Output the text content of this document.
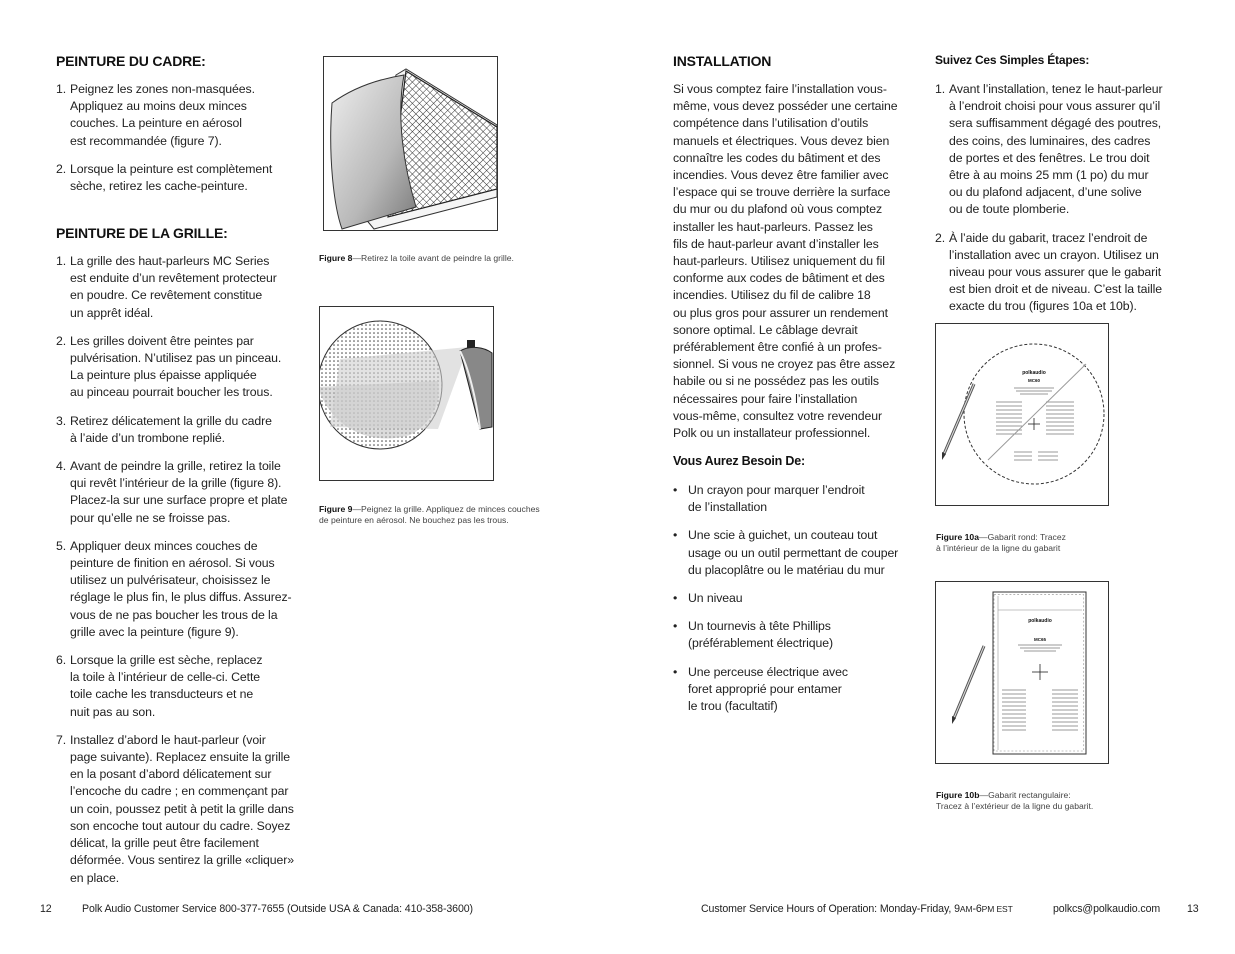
PEINTURE DU CADRE:
1. Peignez les zones non-masquées.
Appliquez au moins deux minces
couches. La peinture en aérosol
est recommandée (figure 7).
2. Lorsque la peinture est complètement
sèche, retirez les cache-peinture.
PEINTURE DE LA GRILLE:
1. La grille des haut-parleurs MC Series
est enduite d’un revêtement protecteur
en poudre. Ce revêtement constitue
un apprêt idéal.
2. Les grilles doivent être peintes par
pulvérisation. N’utilisez pas un pinceau.
La peinture plus épaisse appliquée
au pinceau pourrait boucher les trous.
3. Retirez délicatement la grille du cadre
à l’aide d’un trombone replié.
4. Avant de peindre la grille, retirez la toile
qui revêt l’intérieur de la grille (figure 8).
Placez-la sur une surface propre et plate
pour qu’elle ne se froisse pas.
5. Appliquer deux minces couches de
peinture de finition en aérosol. Si vous
utilisez un pulvérisateur, choisissez le
réglage le plus fin, le plus diffus. Assurez-
vous de ne pas boucher les trous de la
grille avec la peinture (figure 9).
6. Lorsque la grille est sèche, replacez
la toile à l’intérieur de celle-ci. Cette
toile cache les transducteurs et ne
nuit pas au son.
7. Installez d’abord le haut-parleur (voir
page suivante). Replacez ensuite la grille
en la posant d’abord délicatement sur
l’encoche du cadre ; en commençant par
un coin, poussez petit à petit la grille dans
son encoche tout autour du cadre. Soyez
délicat, la grille peut être facilement
déformée. Vous sentirez la grille «cliquer»
en place.
Figure 8—Retirez la toile avant de peindre la grille.
Figure 9—Peignez la grille. Appliquez de minces couches
de peinture en aérosol. Ne bouchez pas les trous.
12	Polk Audio Customer Service 800-377-7655 (Outside USA & Canada: 410-358-3600)
INSTALLATION
Si vous comptez faire l’installation vous-
même, vous devez posséder une certaine
compétence dans l’utilisation d’outils
manuels et électriques. Vous devez bien
connaître les codes du bâtiment et des
incendies. Vous devez être familier avec
l’espace qui se trouve derrière la surface
du mur ou du plafond où vous comptez
installer les haut-parleurs. Passez les
fils de haut-parleur avant d’installer les
haut-parleurs. Utilisez uniquement du fil
conforme aux codes de bâtiment et des
incendies. Utilisez du fil de calibre 18
ou plus gros pour assurer un rendement
sonore optimal. Le câblage devrait
préférablement être confié à un profes-
sionnel. Si vous ne croyez pas être assez
habile ou si ne possédez pas les outils
nécessaires pour faire l’installation
vous-même, consultez votre revendeur
Polk ou un installateur professionnel.
Vous Aurez Besoin De:
• Un crayon pour marquer l’endroit
de l’installation
• Une scie à guichet, un couteau tout
usage ou un outil permettant de couper
du placoplâtre ou le matériau du mur
• Un niveau
• Un tournevis à tête Phillips
(préférablement électrique)
• Une perceuse électrique avec
foret approprié pour entamer
le trou (facultatif)
Suivez Ces Simples Étapes:
1. Avant l’installation, tenez le haut-parleur
à l’endroit choisi pour vous assurer qu’il
sera suffisamment dégagé des poutres,
des coins, des luminaires, des cadres
de portes et des fenêtres. Le trou doit
être à au moins 25 mm (1 po) du mur
ou du plafond adjacent, d’une solive
ou de toute plomberie.
2. À l’aide du gabarit, tracez l’endroit de
l’installation avec un crayon. Utilisez un
niveau pour vous assurer que le gabarit
est bien droit et de niveau. C’est la taille
exacte du trou (figures 10a et 10b).
polkaudio
MC60
Figure 10a—Gabarit rond: Tracez
à l’intérieur de la ligne du gabarit
polkaudio
MC65
Figure 10b—Gabarit rectangulaire:
Tracez à l’extérieur de la ligne du gabarit.
Customer Service Hours of Operation: Monday-Friday, 9AM-6PM EST	polkcs@polkaudio.com	13
